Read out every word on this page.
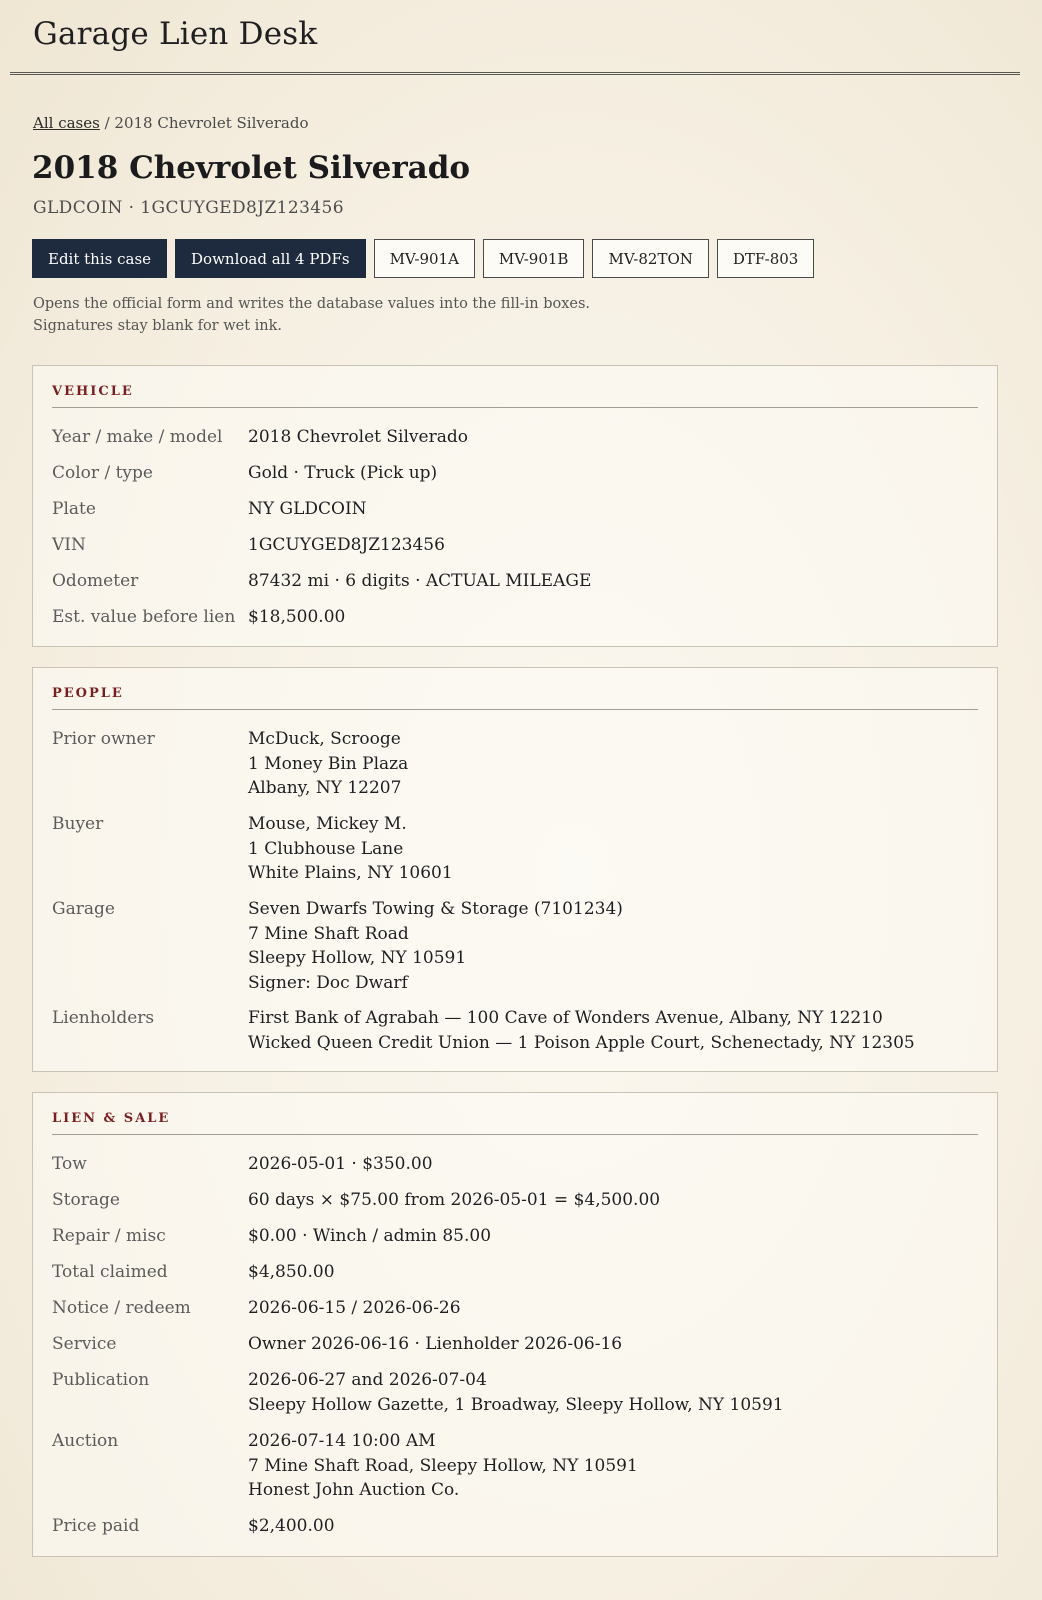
Garage Lien Desk
All cases / 2018 Chevrolet Silverado
2018 Chevrolet Silverado
GLDCOIN · 1GCUYGED8JZ123456
Edit this case	Download all 4 PDFs	MV-901A	MV-901B	MV-82TON	DTF-803
Opens the official form and writes the database values into the fill-in boxes. Signatures stay blank for wet ink.
VEHICLE
Year / make / model 2018 Chevrolet Silverado
Color / type	Gold · Truck (Pick up)
Plate	NY GLDCOIN
VIN	1GCUYGED8JZ123456
Odometer	87432 mi · 6 digits · ACTUAL MILEAGE
Est. value before lien $18,500.00
PEOPLE
Prior owner	McDuck, Scrooge
1 Money Bin Plaza
Albany, NY 12207
Buyer	Mouse, Mickey M.
1 Clubhouse Lane
White Plains, NY 10601
Garage	Seven Dwarfs Towing & Storage (7101234)
7 Mine Shaft Road
Sleepy Hollow, NY 10591
Signer: Doc Dwarf
Lienholders	First Bank of Agrabah — 100 Cave of Wonders Avenue, Albany, NY 12210
Wicked Queen Credit Union — 1 Poison Apple Court, Schenectady, NY 12305
LIEN & SALE
Tow	2026-05-01 · $350.00
Storage	60 days × $75.00 from 2026-05-01 = $4,500.00
Repair / misc	$0.00 · Winch / admin 85.00
Total claimed	$4,850.00
Notice / redeem	2026-06-15 / 2026-06-26
Service	Owner 2026-06-16 · Lienholder 2026-06-16
Publication	2026-06-27 and 2026-07-04
Sleepy Hollow Gazette, 1 Broadway, Sleepy Hollow, NY 10591
Auction	2026-07-14 10:00 AM
7 Mine Shaft Road, Sleepy Hollow, NY 10591
Honest John Auction Co.
Price paid	$2,400.00
